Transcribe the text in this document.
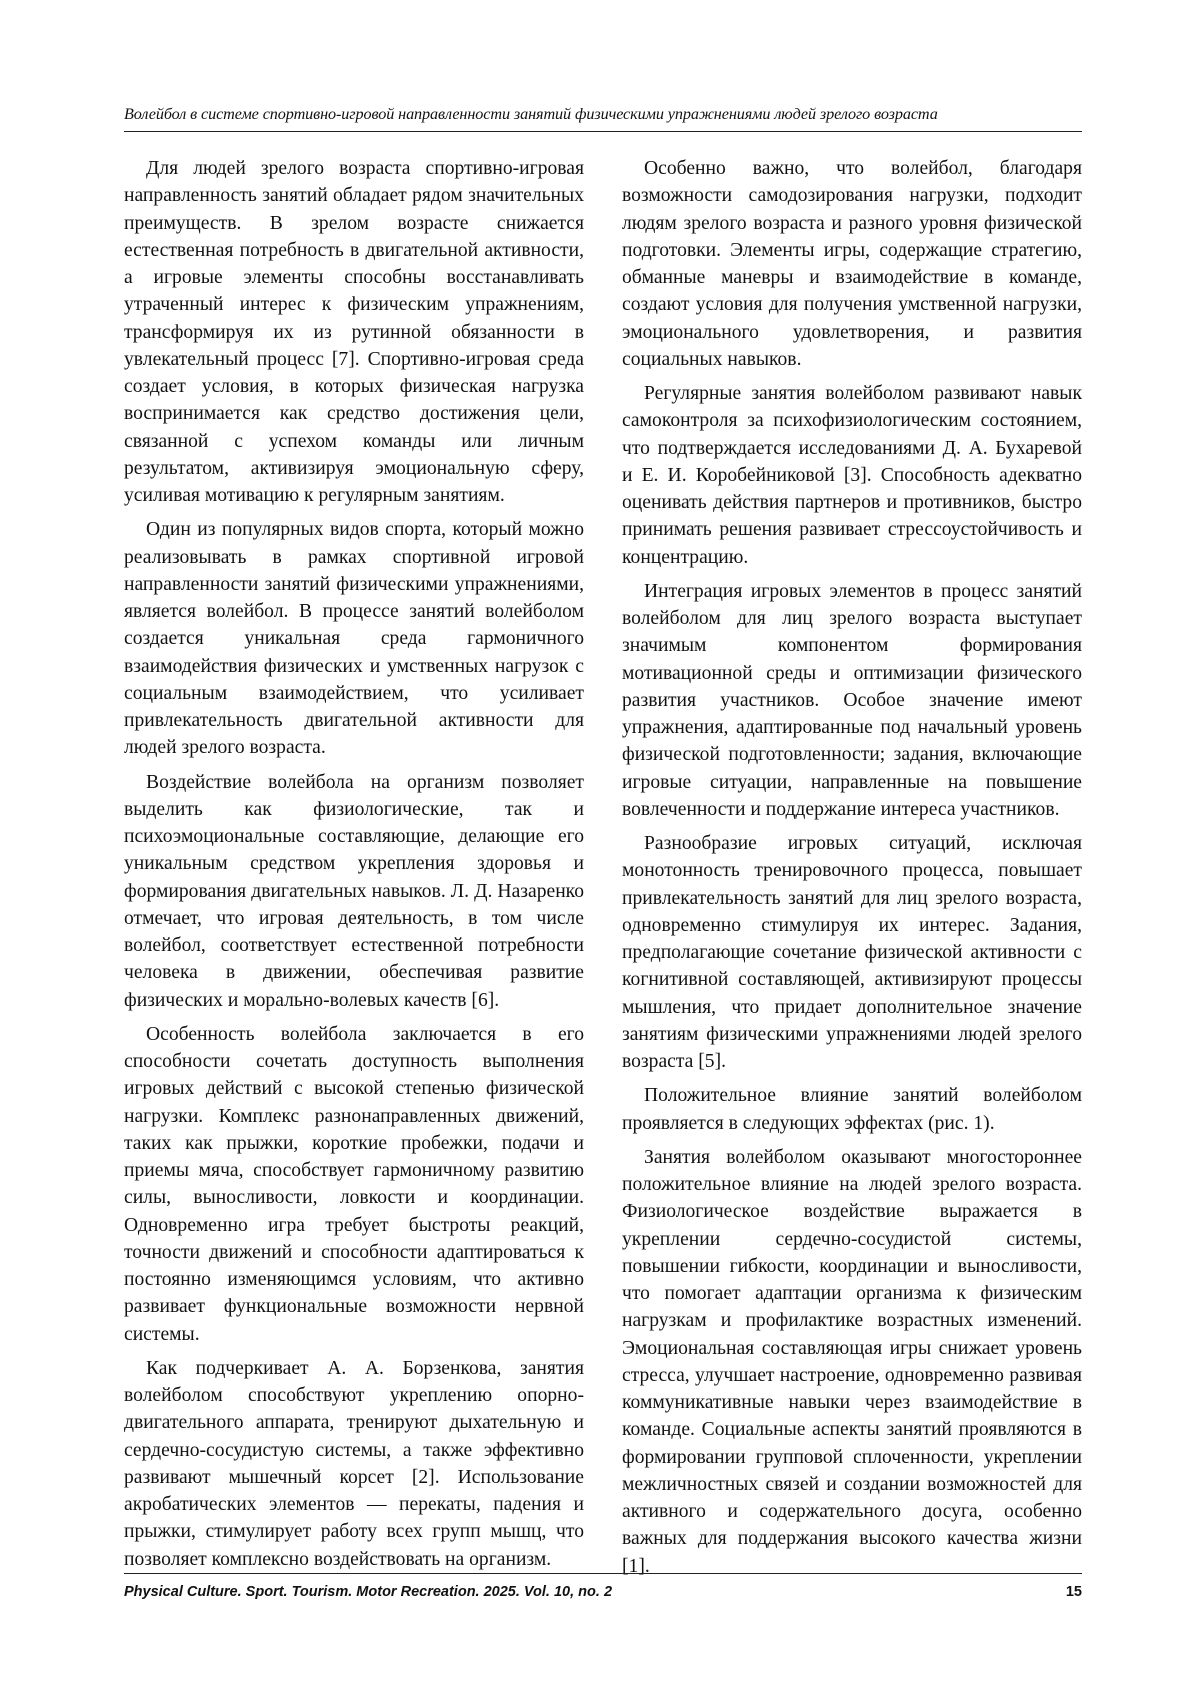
Волейбол в системе спортивно-игровой направленности занятий физическими упражнениями людей зрелого возраста

Для людей зрелого возраста спортивно-игровая направленность занятий обладает рядом значительных преимуществ. В зрелом возрасте снижается естественная потребность в двигательной активности, а игровые элементы способны восстанавливать утраченный интерес к физическим упражнениям, трансформируя их из рутинной обязанности в увлекательный процесс [7]. Спортивно-игровая среда создает условия, в которых физическая нагрузка воспринимается как средство достижения цели, связанной с успехом команды или личным результатом, активизируя эмоциональную сферу, усиливая мотивацию к регулярным занятиям.

Один из популярных видов спорта, который можно реализовывать в рамках спортивной игровой направленности занятий физическими упражнениями, является волейбол. В процессе занятий волейболом создается уникальная среда гармоничного взаимодействия физических и умственных нагрузок с социальным взаимодействием, что усиливает привлекательность двигательной активности для людей зрелого возраста.

Воздействие волейбола на организм позволяет выделить как физиологические, так и психоэмоциональные составляющие, делающие его уникальным средством укрепления здоровья и формирования двигательных навыков. Л. Д. Назаренко отмечает, что игровая деятельность, в том числе волейбол, соответствует естественной потребности человека в движении, обеспечивая развитие физических и морально-волевых качеств [6].

Особенность волейбола заключается в его способности сочетать доступность выполнения игровых действий с высокой степенью физической нагрузки. Комплекс разнонаправленных движений, таких как прыжки, короткие пробежки, подачи и приемы мяча, способствует гармоничному развитию силы, выносливости, ловкости и координации. Одновременно игра требует быстроты реакций, точности движений и способности адаптироваться к постоянно изменяющимся условиям, что активно развивает функциональные возможности нервной системы.

Как подчеркивает А. А. Борзенкова, занятия волейболом способствуют укреплению опорно-двигательного аппарата, тренируют дыхательную и сердечно-сосудистую системы, а также эффективно развивают мышечный корсет [2]. Использование акробатических элементов — перекаты, падения и прыжки, стимулирует работу всех групп мышц, что позволяет комплексно воздействовать на организм.

Особенно важно, что волейбол, благодаря возможности самодозирования нагрузки, подходит людям зрелого возраста и разного уровня физической подготовки. Элементы игры, содержащие стратегию, обманные маневры и взаимодействие в команде, создают условия для получения умственной нагрузки, эмоционального удовлетворения, и развития социальных навыков.

Регулярные занятия волейболом развивают навык самоконтроля за психофизиологическим состоянием, что подтверждается исследованиями Д. А. Бухаревой и Е. И. Коробейниковой [3]. Способность адекватно оценивать действия партнеров и противников, быстро принимать решения развивает стрессоустойчивость и концентрацию.

Интеграция игровых элементов в процесс занятий волейболом для лиц зрелого возраста выступает значимым компонентом формирования мотивационной среды и оптимизации физического развития участников. Особое значение имеют упражнения, адаптированные под начальный уровень физической подготовленности; задания, включающие игровые ситуации, направленные на повышение вовлеченности и поддержание интереса участников.

Разнообразие игровых ситуаций, исключая монотонность тренировочного процесса, повышает привлекательность занятий для лиц зрелого возраста, одновременно стимулируя их интерес. Задания, предполагающие сочетание физической активности с когнитивной составляющей, активизируют процессы мышления, что придает дополнительное значение занятиям физическими упражнениями людей зрелого возраста [5].

Положительное влияние занятий волейболом проявляется в следующих эффектах (рис. 1).

Занятия волейболом оказывают многостороннее положительное влияние на людей зрелого возраста. Физиологическое воздействие выражается в укреплении сердечно-сосудистой системы, повышении гибкости, координации и выносливости, что помогает адаптации организма к физическим нагрузкам и профилактике возрастных изменений. Эмоциональная составляющая игры снижает уровень стресса, улучшает настроение, одновременно развивая коммуникативные навыки через взаимодействие в команде. Социальные аспекты занятий проявляются в формировании групповой сплоченности, укреплении межличностных связей и создании возможностей для активного и содержательного досуга, особенно важных для поддержания высокого качества жизни [1].

Physical Culture. Sport. Tourism. Motor Recreation. 2025. Vol. 10, no. 2	15
